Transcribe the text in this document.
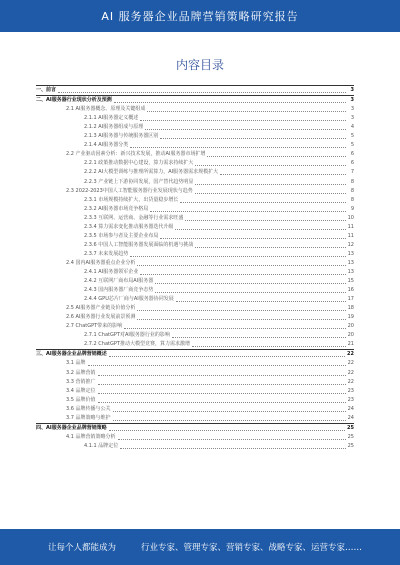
AI 服务器企业品牌营销策略研究报告
内容目录
一、前言	3
二、AI服务器行业现状分析及预测	3
2.1 AI服务器概念、原理及关键组成	3
2.1.1 AI服务器定义概述	3
2.1.2 AI服务器组成与原理	4
2.1.3 AI服务器与传统服务器区别	5
2.1.4 AI服务器分类	5
2.2 产业驱动因素分析：新兴技术发展，推动AI服务器市场扩增	6
2.2.1 政策推动数据中心建设，算力需求持续扩大	6
2.2.2 AI大模型训练与推理所需算力，AI服务器需求规模扩大	7
2.2.3 产业链上下游协同发展，国产替代趋势明显	8
2.3 2022-2023中国人工智能服务器行业发展现状与趋势	8
2.3.1 市场规模持续扩大，出货量稳步增长	8
2.3.2 AI服务器市场竞争格局	9
2.3.3 互联网、运营商、金融等行业需求旺盛	10
2.3.4 算力需求变化推动服务器迭代升级	11
2.3.5 市场参与者及主要企业布局	11
2.3.6 中国人工智能服务器发展面临的机遇与挑战	12
2.3.7 未来发展趋势	13
2.4 国内AI服务器重点企业分析	13
2.4.1 AI服务器领军企业	13
2.4.2 互联网厂商布局AI服务器	15
2.4.3 国内服务器厂商竞争态势	16
2.4.4 GPU芯片厂商与AI服务器协同发展	17
2.5 AI服务器产业链及价值分析	18
2.6 AI服务器行业发展前景预测	19
2.7 ChatGPT带来的影响	20
2.7.1 ChatGPT对AI服务器行业的影响	20
2.7.2 ChatGPT推动大模型竞赛，算力需求激增	21
三、AI服务器企业品牌营销概述	22
3.1 品牌	22
3.2 品牌营销	22
3.3 营销推广	22
3.4 品牌定位	23
3.5 品牌价值	23
3.6 品牌传播与公关	24
3.7 品牌策略与维护	24
四、AI服务器企业品牌营销策略	25
4.1 品牌营销策略分析	25
4.1.1 品牌定位	25
让每个人都能成为	行业专家、管理专家、营销专家、战略专家、运营专家……
